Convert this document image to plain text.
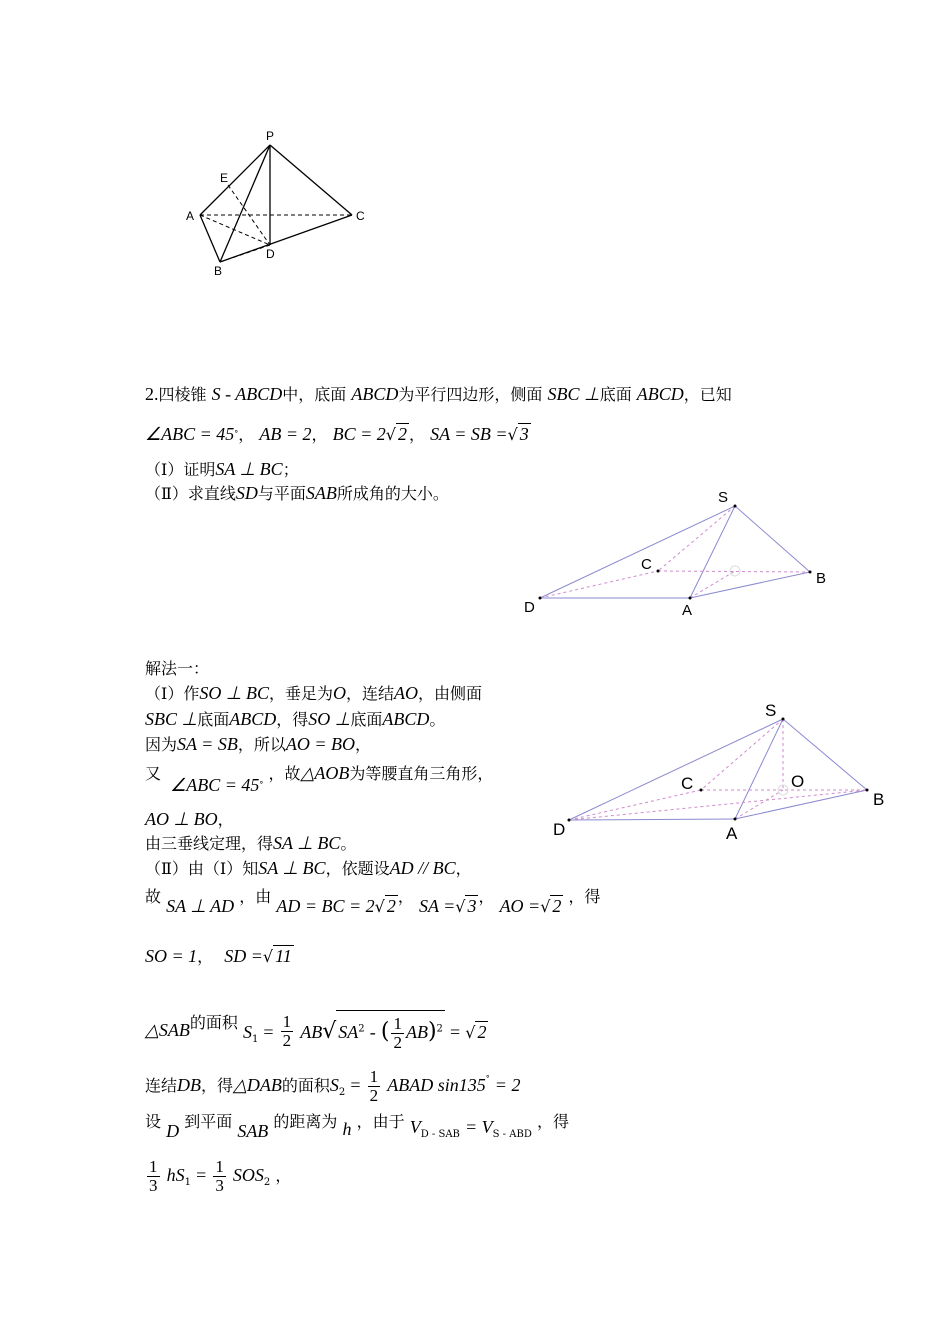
P
E
A	C
B
D
2.四棱锥 S - ABCD中，底面 ABCD为平行四边形，侧面 SBC ⊥底面 ABCD，已知
∠ABC = 45°， AB = 2， BC = 2√ 2 ， SA = SB =√ 3
（Ⅰ）证明SA ⊥ BC；
（Ⅱ）求直线SD与平面SAB所成角的大小。	S
C
B
D	A
解法一：
（Ⅰ）作SO ⊥ BC，垂足为O，连结AO，由侧面
SBC ⊥底面ABCD，得SO ⊥底面ABCD。
因为SA = SB，所以AO = BO，
又 ∠ABC = 45° ，故△AOB为等腰直角三角形，
AO ⊥ BO，
由三垂线定理，得SA ⊥ BC。
（Ⅱ）由（Ⅰ）知SA ⊥ BC，依题设AD // BC，
故 SA ⊥ AD ，由 AD = BC = 2√ 2 ， SA =√ 3 ， AO =√ 2 ，得
SO = 1， SD =√ 11
△SAB的面积 $S_1 = \frac{1}{2} AB√$ $SA^2$ - ( $\frac{1}{2} AB)^2$ = √ 2
连结DB，得△DAB的面积$S_2 = \frac{1}{2}$ ABAD sin135° = 2
设 D 到平面 SAB 的距离为 h ，由于 $V_{D - SAB} = V_{S - ABD}$ ，得
$\frac{1}{3} hS_1 = \frac{1}{3} SOS_2$ ，
S
C	O
B
D	A
